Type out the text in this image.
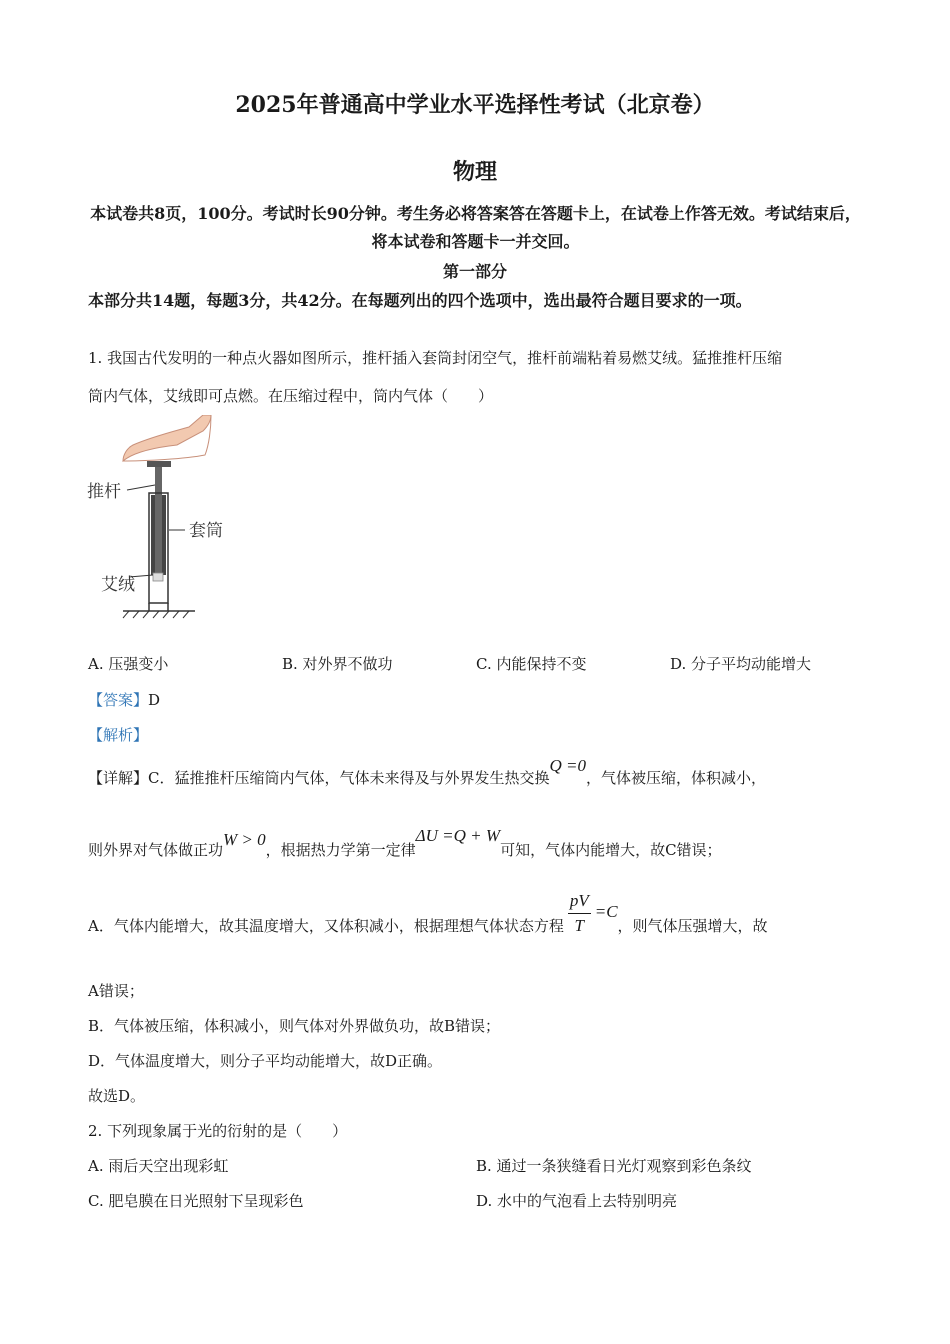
2025年普通高中学业水平选择性考试（北京卷）
物理
本试卷共8页，100分。考试时长90分钟。考生务必将答案答在答题卡上，在试卷上作答无效。考试结束后，将本试卷和答题卡一并交回。
第一部分
本部分共14题，每题3分，共42分。在每题列出的四个选项中，选出最符合题目要求的一项。
1. 我国古代发明的一种点火器如图所示，推杆插入套筒封闭空气，推杆前端粘着易燃艾绒。猛推推杆压缩
筒内气体，艾绒即可点燃。在压缩过程中，筒内气体（　　）
推杆
套筒
艾绒
A. 压强变小	B. 对外界不做功	C. 内能保持不变	D. 分子平均动能增大
【答案】D
【解析】
【详解】C．猛推推杆压缩筒内气体，气体未来得及与外界发生热交换Q =0，气体被压缩，体积减小，
则外界对气体做正功W > 0，根据热力学第一定律ΔU =Q + W可知，气体内能增大，故C错误；
A．气体内能增大，故其温度增大，又体积减小，根据理想气体状态方程 $\frac{pV}{T} =C$，则气体压强增大，故
A错误；
B．气体被压缩，体积减小，则气体对外界做负功，故B错误；
D．气体温度增大，则分子平均动能增大，故D正确。
故选D。
2. 下列现象属于光的衍射的是（　　）
A. 雨后天空出现彩虹	B. 通过一条狭缝看日光灯观察到彩色条纹
C. 肥皂膜在日光照射下呈现彩色	D. 水中的气泡看上去特别明亮
